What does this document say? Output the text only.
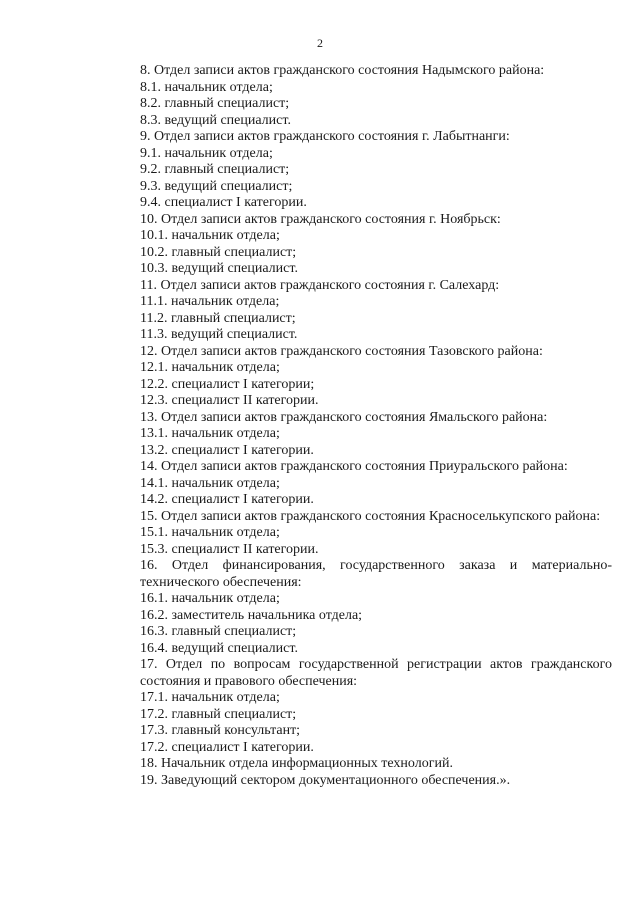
2
8. Отдел записи актов гражданского состояния Надымского района:
8.1. начальник отдела;
8.2. главный специалист;
8.3. ведущий специалист.
9. Отдел записи актов гражданского состояния г. Лабытнанги:
9.1. начальник отдела;
9.2. главный специалист;
9.3. ведущий специалист;
9.4. специалист I категории.
10. Отдел записи актов гражданского состояния г. Ноябрьск:
10.1. начальник отдела;
10.2. главный специалист;
10.3. ведущий специалист.
11. Отдел записи актов гражданского состояния г. Салехард:
11.1. начальник отдела;
11.2. главный специалист;
11.3. ведущий специалист.
12. Отдел записи актов гражданского состояния Тазовского района:
12.1. начальник отдела;
12.2. специалист I категории;
12.3. специалист II категории.
13. Отдел записи актов гражданского состояния Ямальского района:
13.1. начальник отдела;
13.2. специалист I категории.
14. Отдел записи актов гражданского состояния Приуральского района:
14.1. начальник отдела;
14.2. специалист I категории.
15. Отдел записи актов гражданского состояния Красноселькупского района:
15.1. начальник отдела;
15.3. специалист II категории.
16. Отдел финансирования, государственного заказа и материально-
технического обеспечения:
16.1. начальник отдела;
16.2. заместитель начальника отдела;
16.3. главный специалист;
16.4. ведущий специалист.
17. Отдел по вопросам государственной регистрации актов гражданского
состояния и правового обеспечения:
17.1. начальник отдела;
17.2. главный специалист;
17.3. главный консультант;
17.2. специалист I категории.
18. Начальник отдела информационных технологий.
19. Заведующий сектором документационного обеспечения.».
